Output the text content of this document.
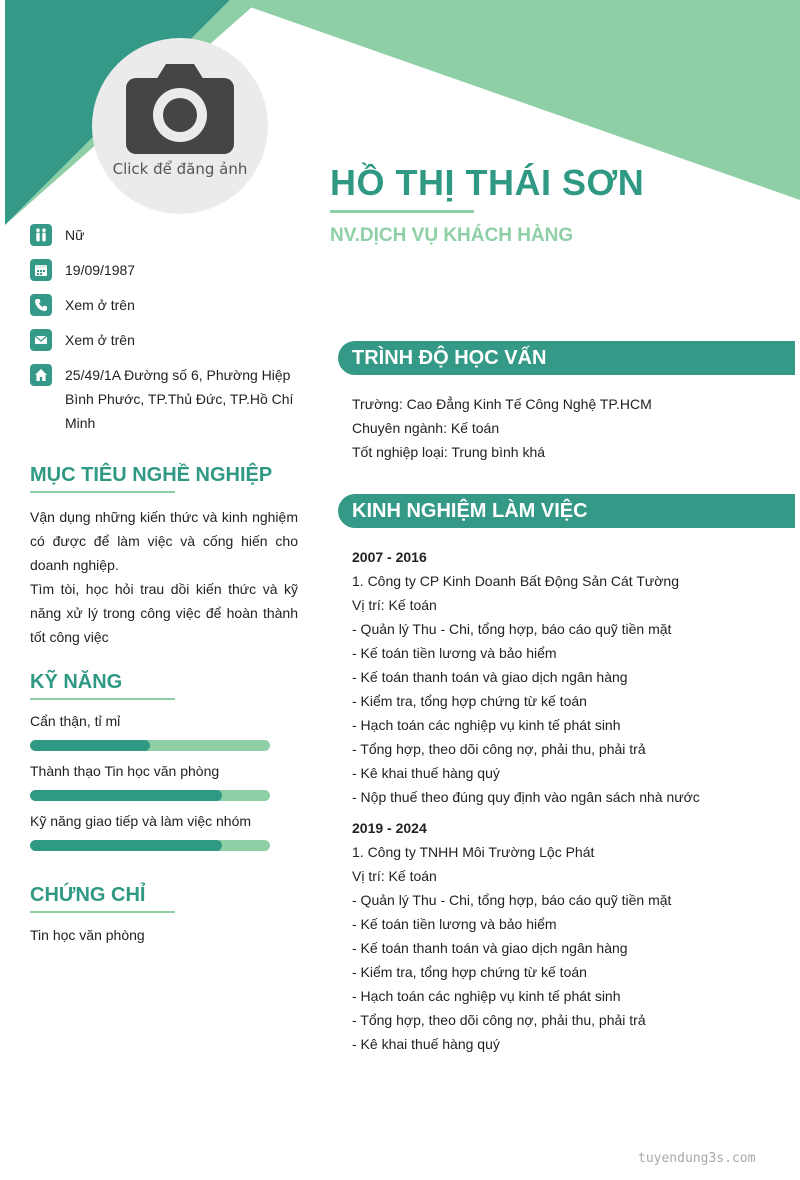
Click để đăng ảnh	HỒ THỊ THÁI SƠN
NV.DỊCH VỤ KHÁCH HÀNG
Nữ
19/09/1987
Xem ở trên
Xem ở trên
25/49/1A Đường số 6, Phường Hiệp Bình Phước, TP.Thủ Đức, TP.Hồ Chí Minh
MỤC TIÊU NGHỀ NGHIỆP
Vận dụng những kiến thức và kinh nghiệm có được để làm việc và cống hiến cho doanh nghiệp.
Tìm tòi, học hỏi trau dồi kiến thức và kỹ năng xử lý trong công việc để hoàn thành tốt công việc
KỸ NĂNG
Cẩn thận, tỉ mỉ
Thành thạo Tin học văn phòng
Kỹ năng giao tiếp và làm việc nhóm
CHỨNG CHỈ
Tin học văn phòng
TRÌNH ĐỘ HỌC VẤN
Trường: Cao Đẳng Kinh Tế Công Nghệ TP.HCM
Chuyên ngành: Kế toán
Tốt nghiệp loại: Trung bình khá
KINH NGHIỆM LÀM VIỆC
2007 - 2016
1. Công ty CP Kinh Doanh Bất Động Sản Cát Tường
Vị trí: Kế toán
- Quản lý Thu - Chi, tổng hợp, báo cáo quỹ tiền mặt
- Kế toán tiền lương và bảo hiểm
- Kế toán thanh toán và giao dịch ngân hàng
- Kiểm tra, tổng hợp chứng từ kế toán
- Hạch toán các nghiệp vụ kinh tế phát sinh
- Tổng hợp, theo dõi công nợ, phải thu, phải trả
- Kê khai thuế hàng quý
- Nộp thuế theo đúng quy định vào ngân sách nhà nước
2019 - 2024
1. Công ty TNHH Môi Trường Lộc Phát
Vị trí: Kế toán
- Quản lý Thu - Chi, tổng hợp, báo cáo quỹ tiền mặt
- Kế toán tiền lương và bảo hiểm
- Kế toán thanh toán và giao dịch ngân hàng
- Kiểm tra, tổng hợp chứng từ kế toán
- Hạch toán các nghiệp vụ kinh tế phát sinh
- Tổng hợp, theo dõi công nợ, phải thu, phải trả
- Kê khai thuế hàng quý
tuyendung3s.com
